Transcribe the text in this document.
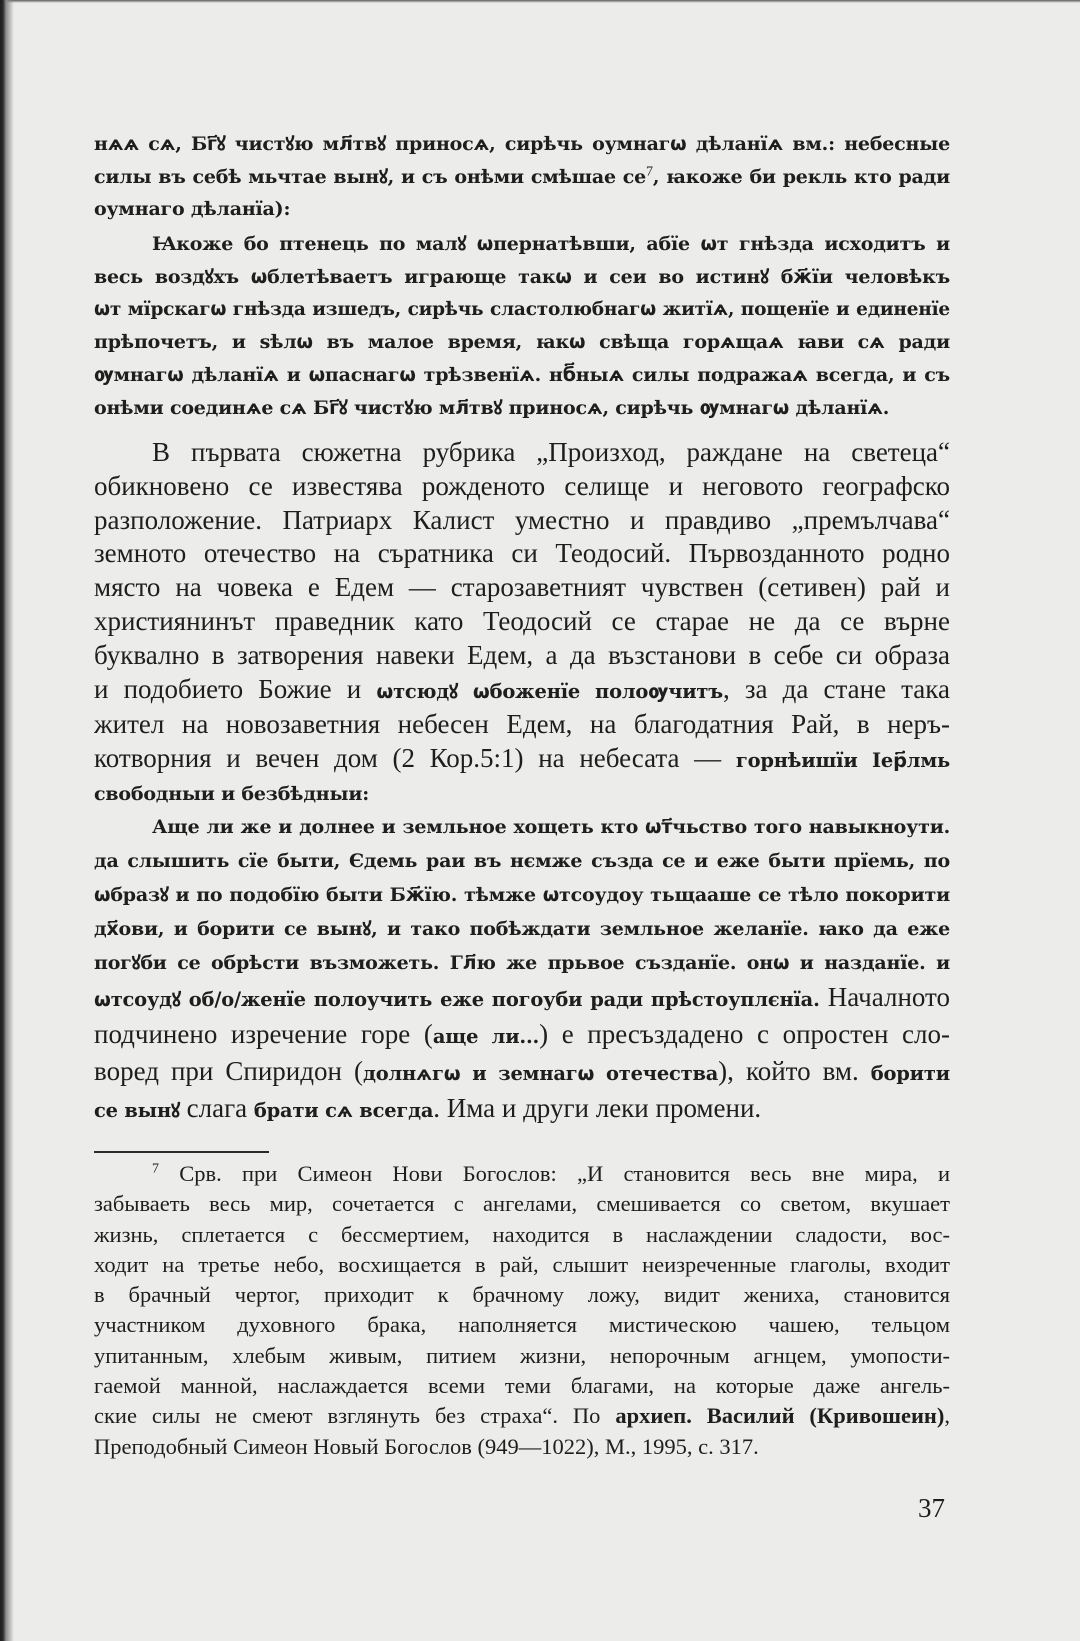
нѧѧ сѧ, Бг҃ꙋ чистꙋю мл҃твꙋ приносѧ, сирѣчь оумнагѡ дѣланїѧ вм.: небесные
силы въ себѣ мьчтае вынꙋ, и съ онѣми смѣшае $се^7$, ꙗкоже би рекль кто ради
оумнаго дѣланїа):
Ꙗкоже бо птенець по малꙋ ѡпернатѣвши, абїе ѡт гнѣзда исходитъ и
весь воздꙋхъ ѡблетѣваетъ играюще такѡ и сеи во истинꙋ бж҃їи человѣкъ
ѡт мїрскагѡ гнѣзда изшедъ, сирѣчь сластолюбнагѡ житїѧ, пощенїе и единенїе
прѣпочетъ, и ѕѣлѡ въ малое время, ꙗкѡ свѣща горѧщаѧ ꙗви сѧ ради
ѹмнагѡ дѣланїѧ и ѡпаснагѡ трѣзвенїѧ. нб҃ныѧ силы подражаѧ всегда, и съ
онѣми соединѧе сѧ Бг҃ꙋ чистꙋю мл҃твꙋ приносѧ, сирѣчь ѹмнагѡ дѣланїѧ.
В първата сюжетна рубрика „Произход, раждане на светеца“
обикновено се известява рожденото селище и неговото географско
разположение. Патриарх Калист уместно и правдиво „премълчава“
земното отечество на съратника си Теодосий. Първозданното родно
място на човека е Едем — старозаветният чувствен (сетивен) рай и
християнинът праведник като Теодосий се старае не да се върне
буквално в затворения навеки Едем, а да възстанови в себе си образа
и подобието Божие и ѡтсюдꙋ ѡбоженїе полоѹчитъ, за да стане така
жител на новозаветния небесен Едем, на благодатния Рай, в неръ-
котворния и вечен дом (2 Кор.5:1) на небесата — горнѣишїи Іер҃лмь
свободныи и безбѣдныи:
Аще ли же и долнее и земльное хощеть кто ѡт҃чьство того навыкноути.
да слышить сїе быти, Єдемь раи въ нємже създа се и еже быти прїемь, по
ѡбразꙋ и по подобїю быти Бж҃їю. тѣмже ѡтсоудоу тьщааше се тѣло покорити
дх҃ови, и борити се вынꙋ, и тако побѣждати земльное желанїе. ꙗко да еже
погꙋби се обрѣсти възможеть. Гл҃ю же прьвое създанїе. онѡ и назданїе. и
ѡтсоудꙋ об/о/женїе полоучить еже погоуби ради прѣстоуплєнїа. Началното
подчинено изречение горе (аще ли...) е пресъздадено с опростен сло-
воред при Спиридон (долнѧгѡ и земнагѡ отечества), който вм. борити
се вынꙋ слага брати сѧ всегда. Има и други леки промени.
$^7$ Срв. при Симеон Нови Богослов: „И становится весь вне мира, и
забываеть весь мир, сочетается с ангелами, смешивается со светом, вкушает
жизнь, сплетается с бессмертием, находится в наслаждении сладости, вос-
ходит на третье небо, восхищается в рай, слышит неизреченные глаголы, входит
в брачный чертог, приходит к брачному ложу, видит жениха, становится
участником духовного брака, наполняется мистическою чашею, тельцом
упитанным, хлебым живым, питием жизни, непорочным агнцем, умопости-
гаемой манной, наслаждается всеми теми благами, на которые даже ангель-
ские силы не смеют взглянуть без страха“. По архиеп. Василий (Кривошеин),
Преподобный Симеон Новый Богослов (949—1022), М., 1995, с. 317.
37
